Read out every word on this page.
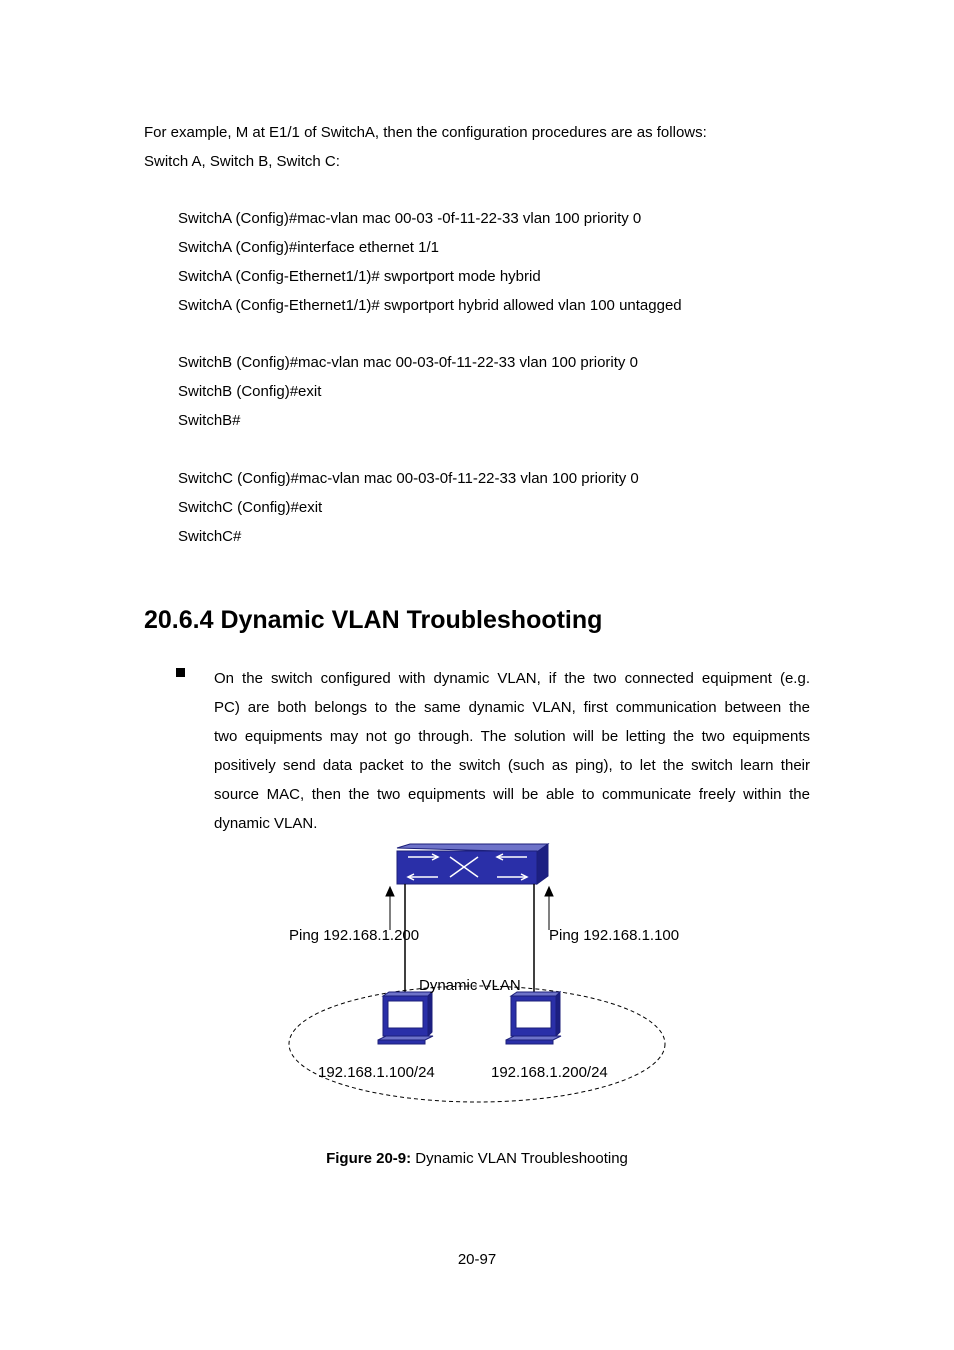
For example, M at E1/1 of SwitchA, then the configuration procedures are as follows:
Switch A, Switch B, Switch C:
SwitchA (Config)#mac-vlan mac 00-03 -0f-11-22-33 vlan 100 priority 0
SwitchA (Config)#interface ethernet 1/1
SwitchA (Config-Ethernet1/1)# swportport mode hybrid
SwitchA (Config-Ethernet1/1)# swportport hybrid allowed vlan 100 untagged
SwitchB (Config)#mac-vlan mac 00-03-0f-11-22-33 vlan 100 priority 0
SwitchB (Config)#exit
SwitchB#
SwitchC (Config)#mac-vlan mac 00-03-0f-11-22-33 vlan 100 priority 0
SwitchC (Config)#exit
SwitchC#
20.6.4 Dynamic VLAN Troubleshooting
On the switch configured with dynamic VLAN, if the two connected equipment (e.g.
PC) are both belongs to the same dynamic VLAN, first communication between the
two equipments may not go through. The solution will be letting the two equipments
positively send data packet to the switch (such as ping), to let the switch learn their
source MAC, then the two equipments will be able to communicate freely within the
dynamic VLAN.
Ping 192.168.1.200	Ping 192.168.1.100
Dynamic VLAN
192.168.1.100/24	192.168.1.200/24
Figure 20-9: Dynamic VLAN Troubleshooting
20-97
